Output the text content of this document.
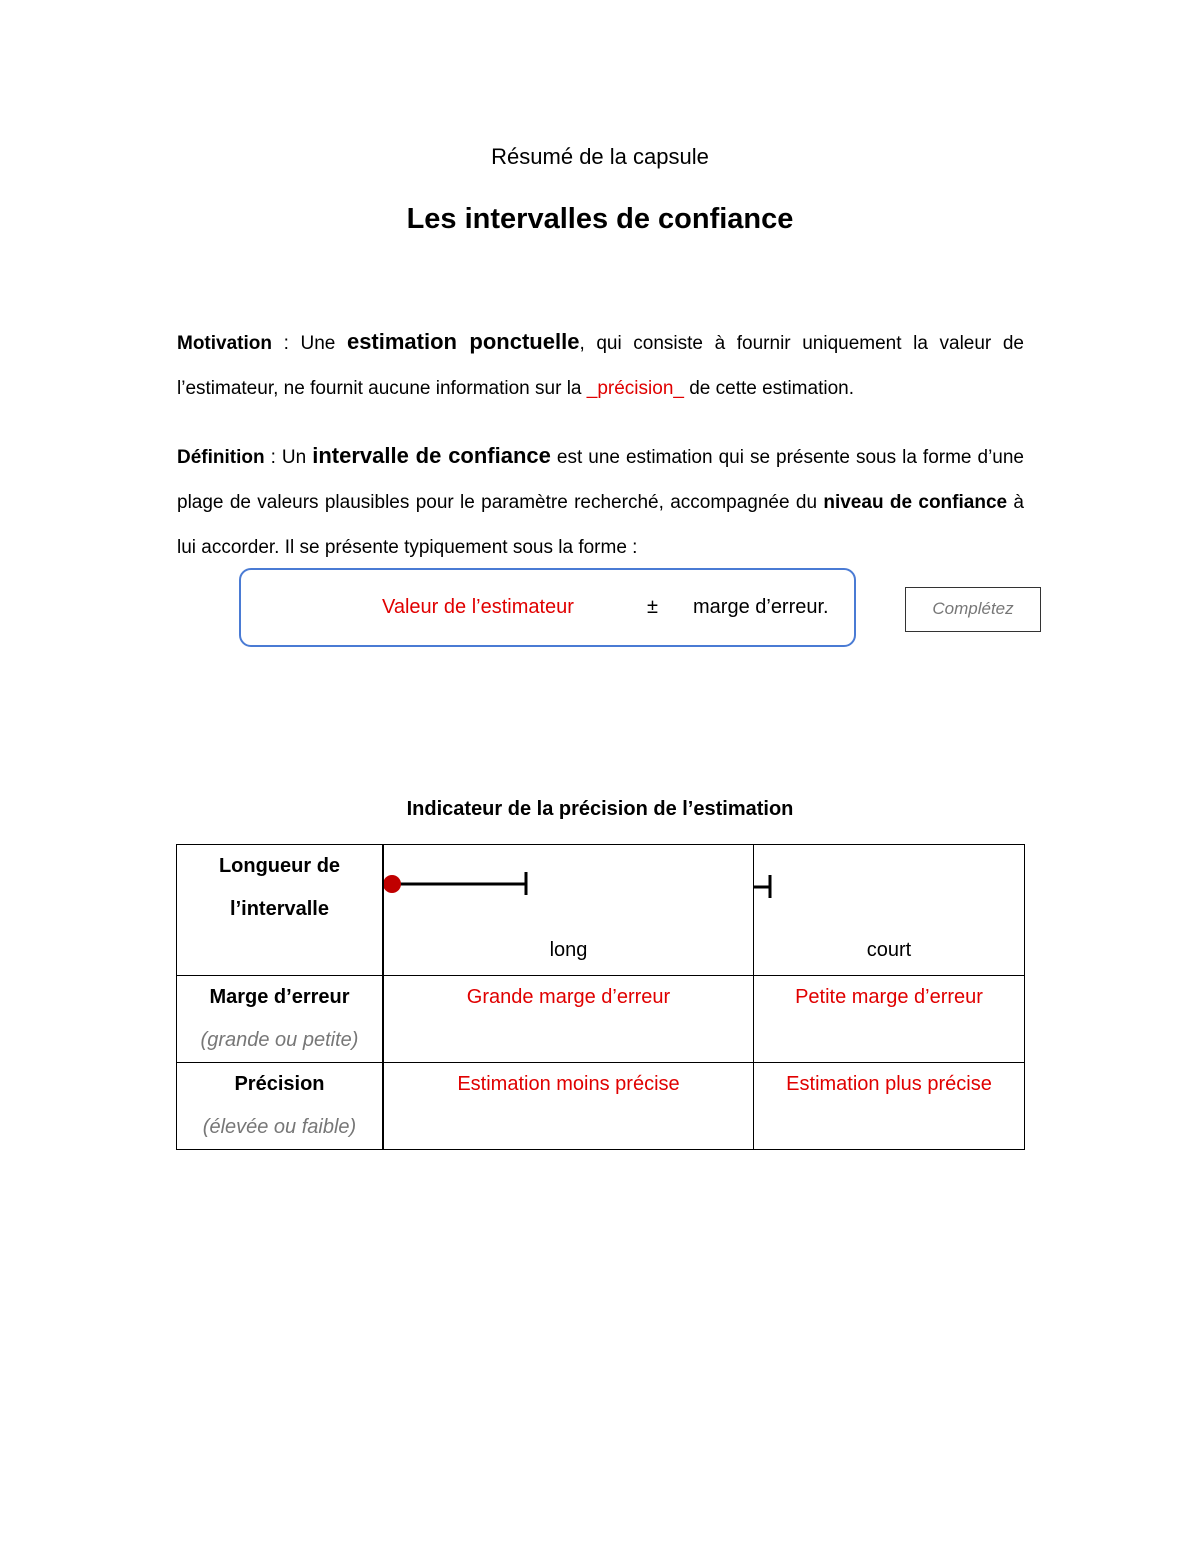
Résumé de la capsule
Les intervalles de confiance
Motivation : Une estimation ponctuelle, qui consiste à fournir uniquement la valeur de l’estimateur, ne fournit aucune information sur la _précision_ de cette estimation.
Définition : Un intervalle de confiance est une estimation qui se présente sous la forme d’une plage de valeurs plausibles pour le paramètre recherché, accompagnée du niveau de confiance à lui accorder. Il se présente typiquement sous la forme :
Valeur de l’estimateur	± marge d’erreur.	Complétez
Indicateur de la précision de l’estimation
Longueur de
l’intervalle	long	court

Marge d’erreur
(grande ou petite)	Grande marge d’erreur	Petite marge d’erreur

Précision
(élevée ou faible)	Estimation moins précise	Estimation plus précise
